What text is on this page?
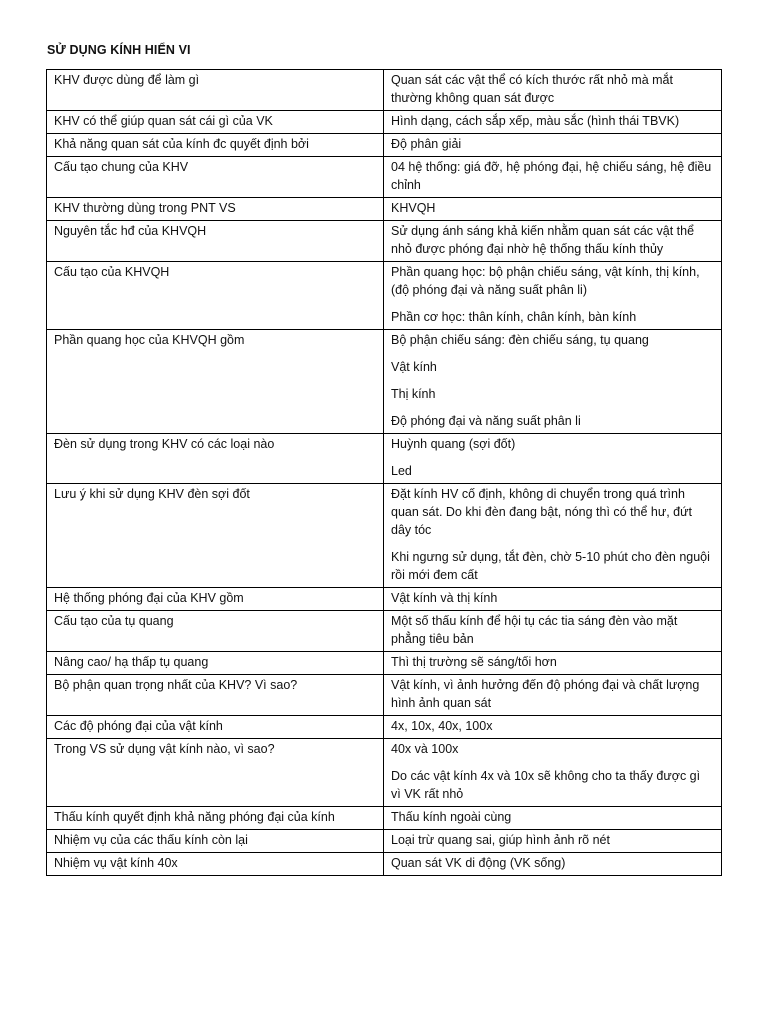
SỬ DỤNG KÍNH HIỂN VI
KHV được dùng để làm gì	Quan sát các vật thể có kích thước rất nhỏ mà mắt thường không quan sát được

KHV có thể giúp quan sát cái gì của VK	Hình dạng, cách sắp xếp, màu sắc (hình thái TBVK)

Khả năng quan sát của kính đc quyết định bởi	Độ phân giải

Cấu tạo chung của KHV	04 hệ thống: giá đỡ, hệ phóng đại, hệ chiếu sáng, hệ điều chỉnh

KHV thường dùng trong PNT VS	KHVQH

Nguyên tắc hđ của KHVQH	Sử dụng ánh sáng khả kiến nhằm quan sát các vật thể nhỏ được phóng đại nhờ hệ thống thấu kính thủy

Cấu tạo của KHVQH	Phần quang học: bộ phận chiếu sáng, vật kính, thị kính, (độ phóng đại và năng suất phân li)

Phần cơ học: thân kính, chân kính, bàn kính

Phần quang học của KHVQH gồm	Bộ phận chiếu sáng: đèn chiếu sáng, tụ quang

Vật kính

Thị kính

Độ phóng đại và năng suất phân li

Đèn sử dụng trong KHV có các loại nào	Huỳnh quang (sợi đốt)

Led

Lưu ý khi sử dụng KHV đèn sợi đốt	Đặt kính HV cố định, không di chuyển trong quá trình quan sát. Do khi đèn đang bật, nóng thì có thể hư, đứt dây tóc

Khi ngưng sử dụng, tắt đèn, chờ 5-10 phút cho đèn nguội rồi mới đem cất

Hệ thống phóng đại của KHV gồm	Vật kính và thị kính

Cấu tạo của tụ quang	Một số thấu kính để hội tụ các tia sáng đèn vào mặt phẳng tiêu bản

Nâng cao/ hạ thấp tụ quang	Thì thị trường sẽ sáng/tối hơn

Bộ phận quan trọng nhất của KHV? Vì sao?	Vật kính, vì ảnh hưởng đến độ phóng đại và chất lượng hình ảnh quan sát

Các độ phóng đại của vật kính	4x, 10x, 40x, 100x

Trong VS sử dụng vật kính nào, vì sao?	40x và 100x

Do các vật kính 4x và 10x sẽ không cho ta thấy được gì vì VK rất nhỏ

Thấu kính quyết định khả năng phóng đại của kính	Thấu kính ngoài cùng

Nhiệm vụ của các thấu kính còn lại	Loại trừ quang sai, giúp hình ảnh rõ nét

Nhiệm vụ vật kính 40x	Quan sát VK di động (VK sống)
